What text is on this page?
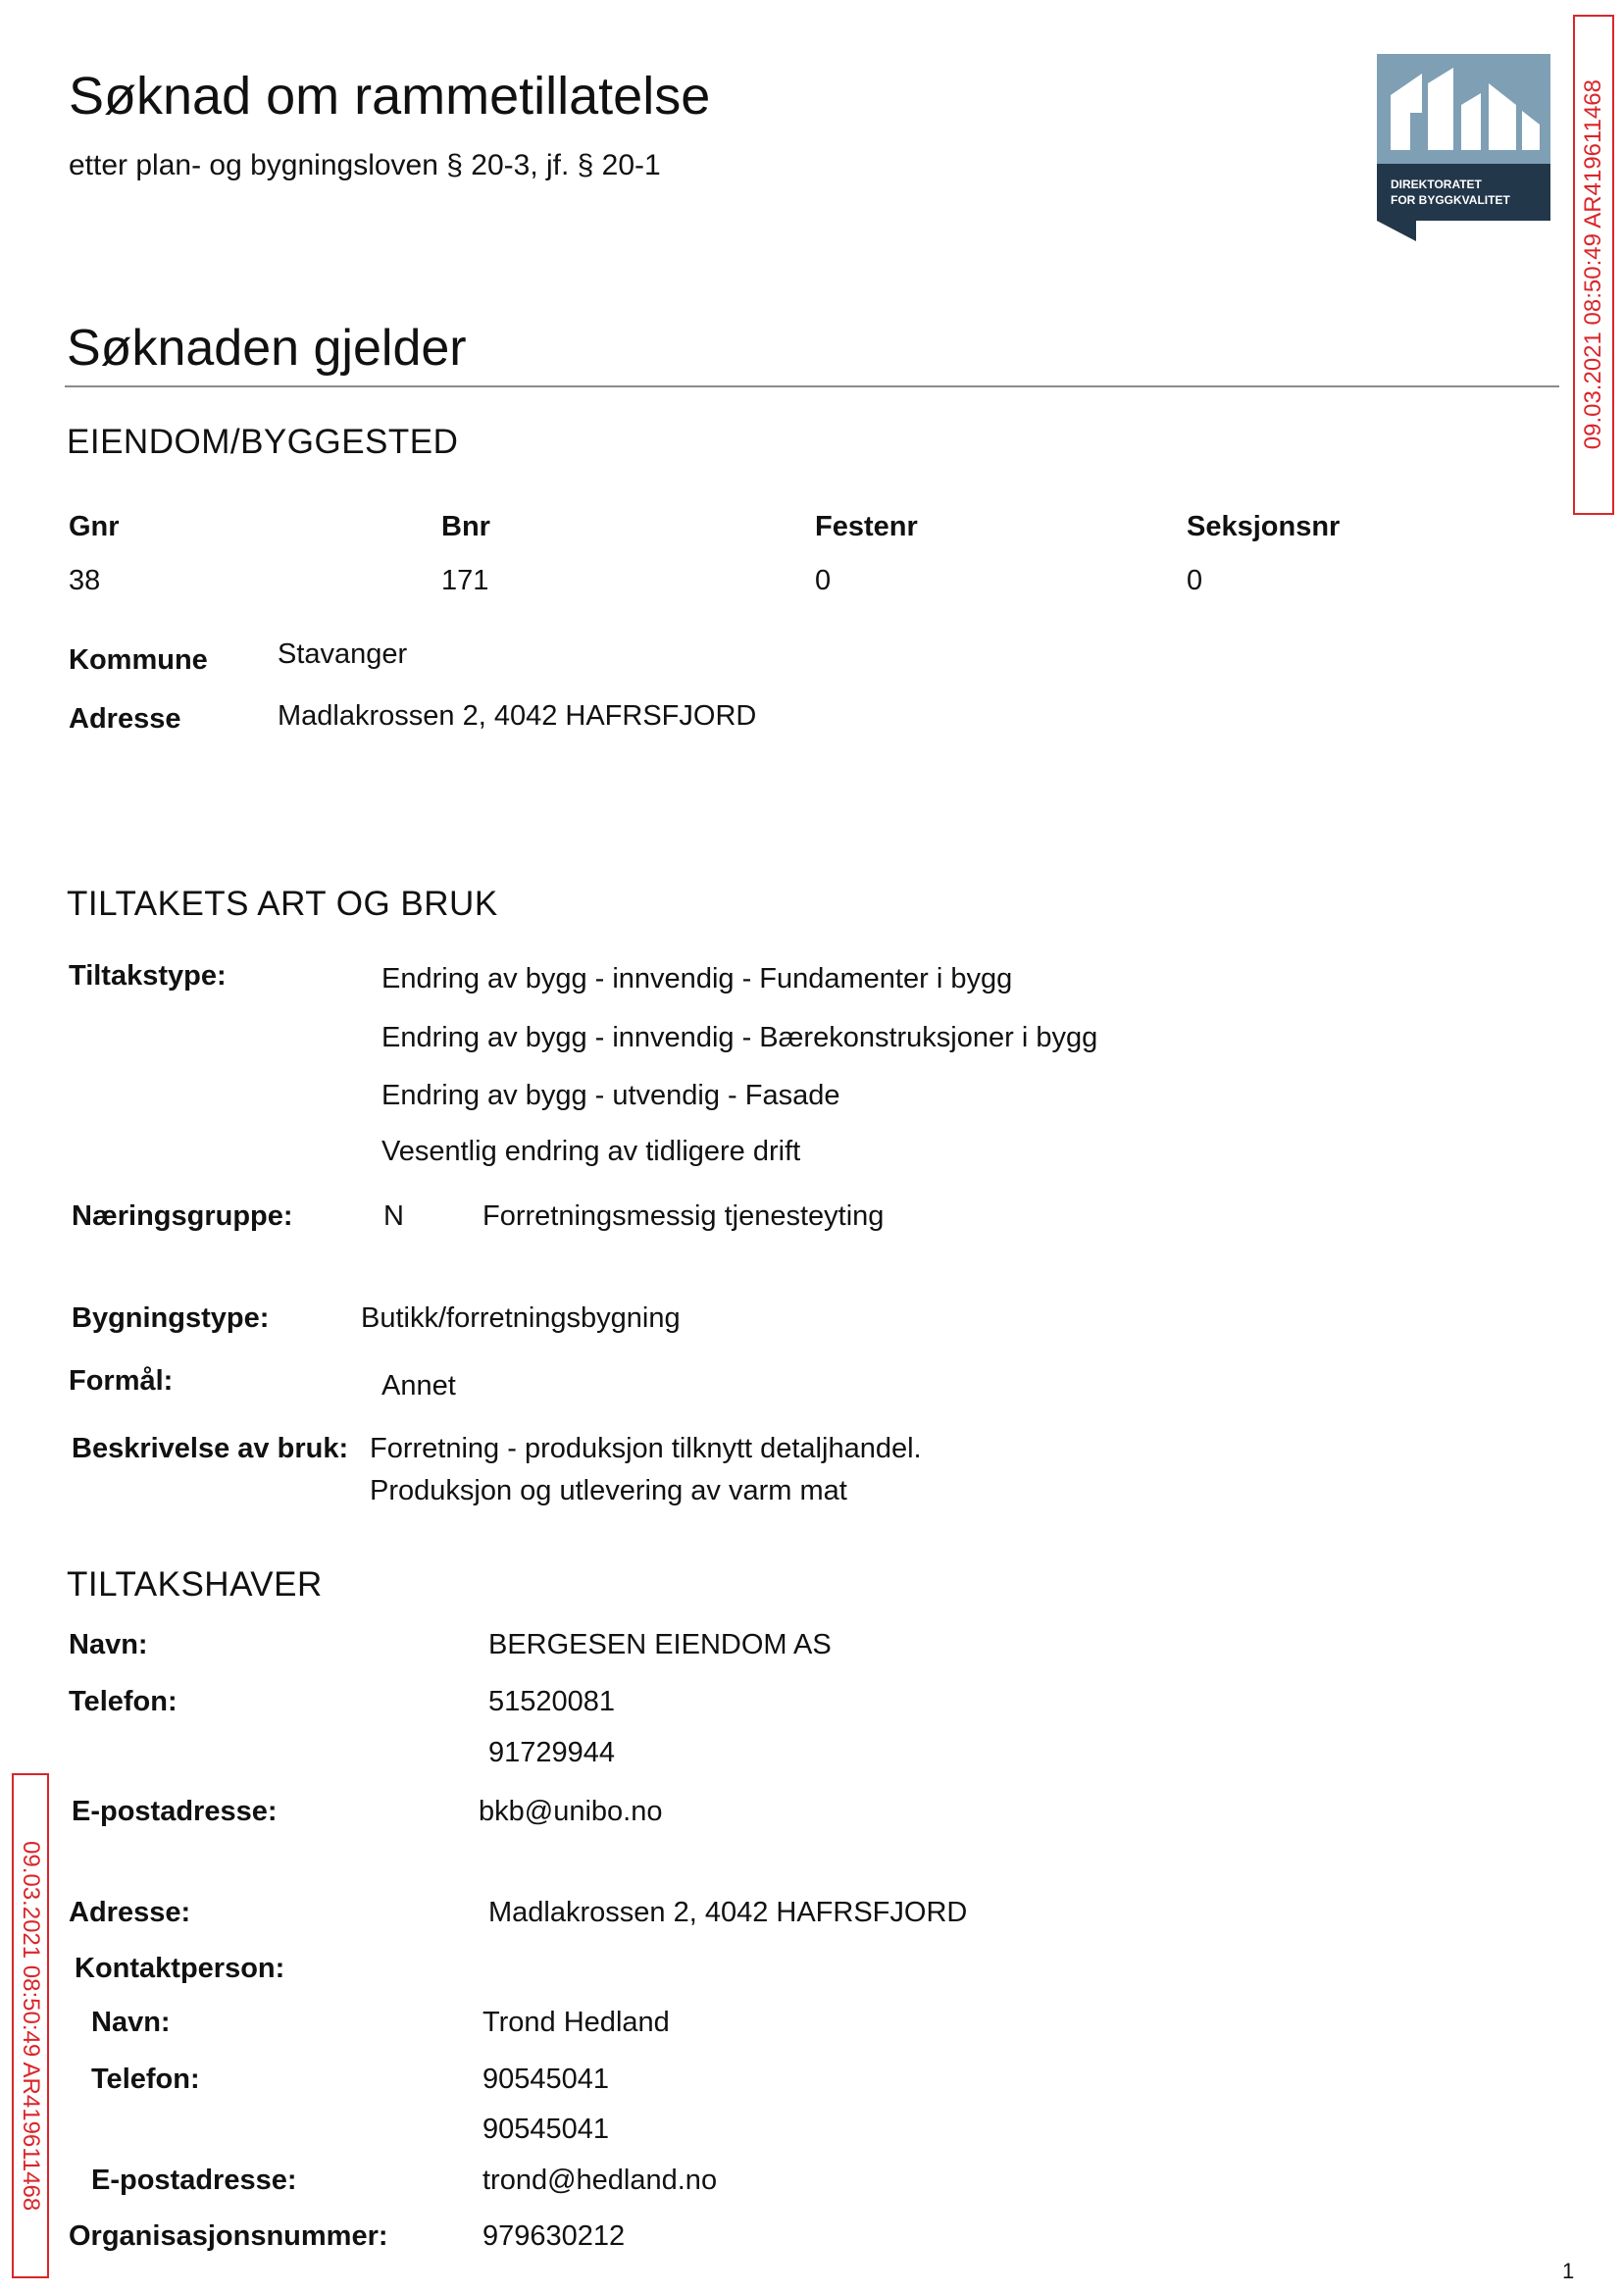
Søknad om rammetillatelse
etter plan- og bygningsloven § 20-3, jf. § 20-1
DIREKTORATET
FOR BYGGKVALITET	09.03.2021 08:50:49 AR419611468
Søknaden gjelder
EIENDOM/BYGGESTED
Gnr	Bnr	Festenr	Seksjonsnr
38	171	0	0
Kommune Stavanger
Adresse	Madlakrossen 2, 4042 HAFRSFJORD
TILTAKETS ART OG BRUK
Tiltakstype:	Endring av bygg - innvendig - Fundamenter i bygg
Endring av bygg - innvendig - Bærekonstruksjoner i bygg
Endring av bygg - utvendig - Fasade
Vesentlig endring av tidligere drift
Næringsgruppe:	N	Forretningsmessig tjenesteyting
Bygningstype:	Butikk/forretningsbygning
Formål:	Annet
Beskrivelse av bruk: Forretning - produksjon tilknytt detaljhandel.
Produksjon og utlevering av varm mat
TILTAKSHAVER
Navn:	BERGESEN EIENDOM AS
Telefon:	51520081
91729944
E-postadresse:	bkb@unibo.no
Adresse:	Madlakrossen 2, 4042 HAFRSFJORD
Kontaktperson:
Navn:	Trond Hedland
Telefon:	90545041
90545041
E-postadresse:	trond@hedland.no
Organisasjonsnummer:	979630212
09.03.2021 08:50:49 AR419611468
1
